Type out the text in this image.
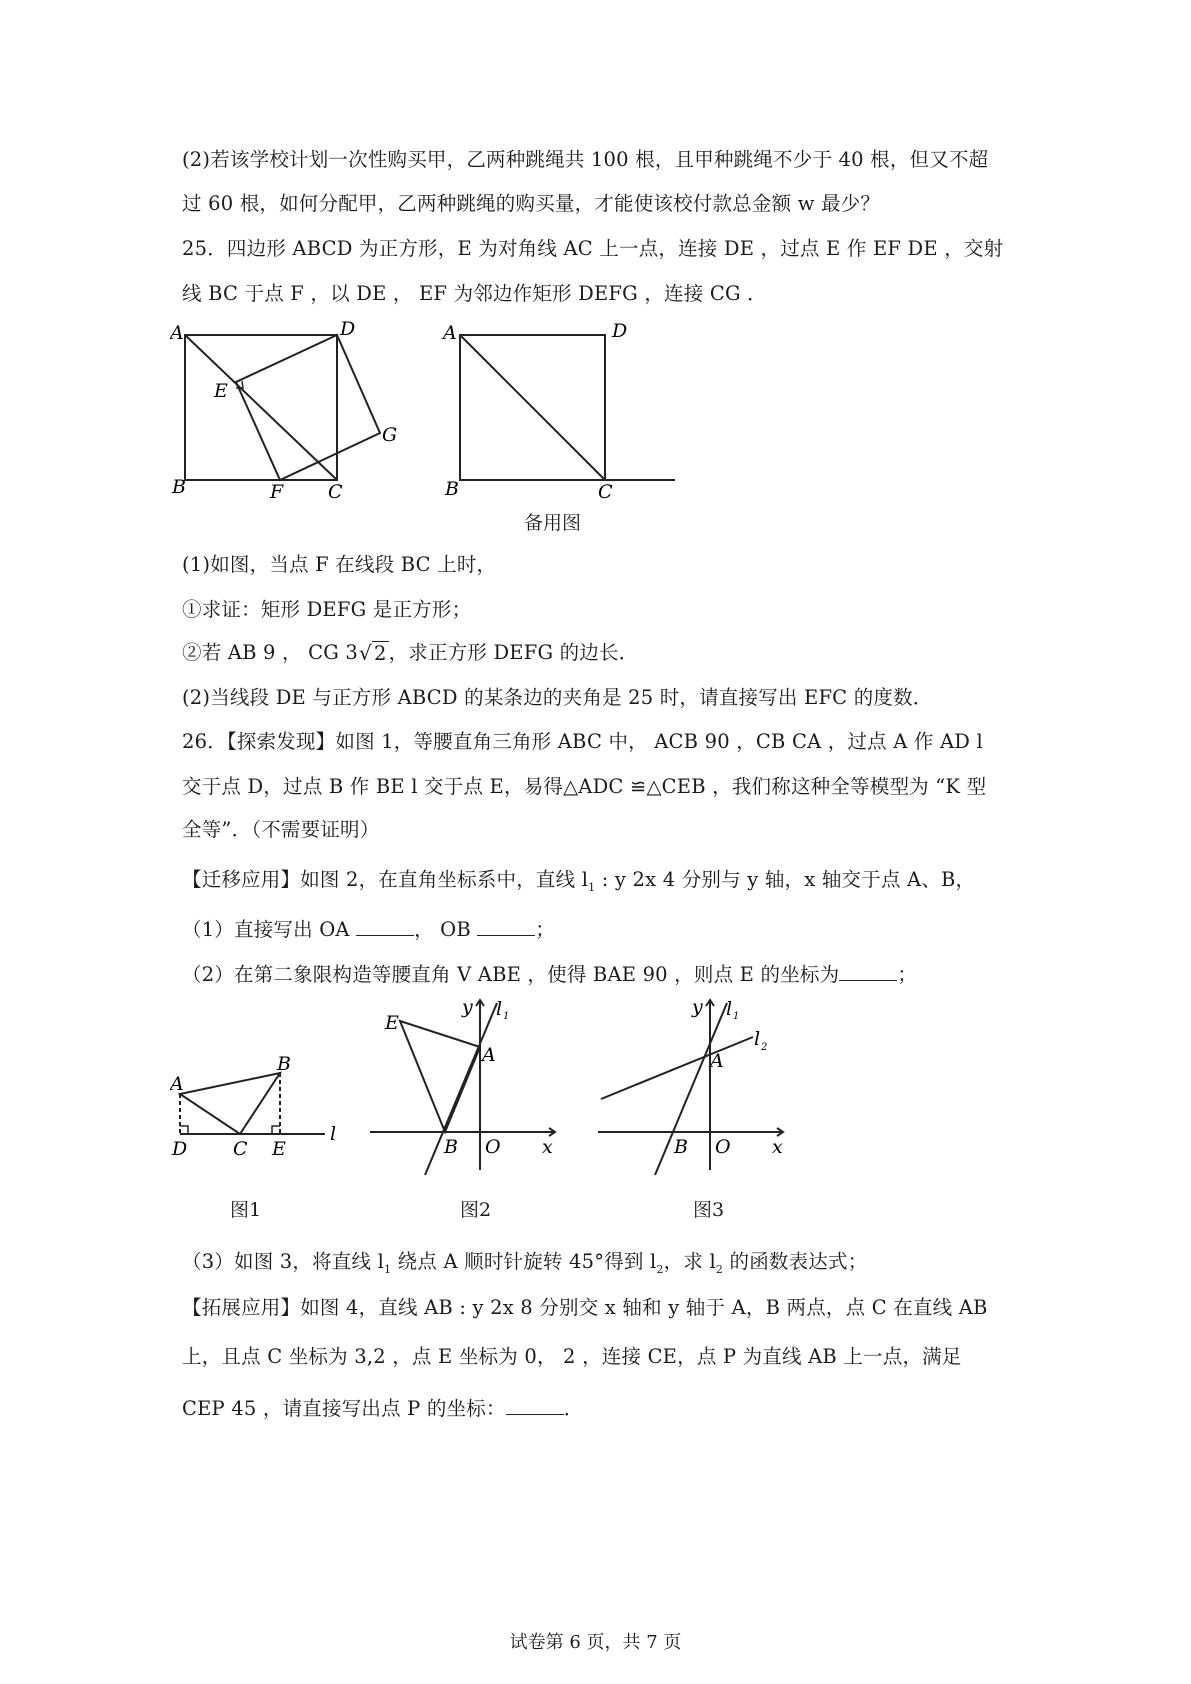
(2)若该学校计划一次性购买甲，乙两种跳绳共 100 根，且甲种跳绳不少于 40 根，但又不超
过 60 根，如何分配甲，乙两种跳绳的购买量，才能使该校付款总金额 w 最少？
25．四边形 ABCD 为正方形，E 为对角线 AC 上一点，连接 DE ，过点 E 作 EF DE ，交射
线 BC 于点 F ，以 DE ， EF 为邻边作矩形 DEFG ，连接 CG ．
A	D
E
G
B	F C
A	D
B	C
备用图
(1)如图，当点 F 在线段 BC 上时，
①求证：矩形 DEFG 是正方形；
②若 AB 9 ， CG 3√ 2 ，求正方形 DEFG 的边长．
(2)当线段 DE 与正方形 ABCD 的某条边的夹角是 25 时，请直接写出 EFC 的度数．
26．【探索发现】如图 1，等腰直角三角形 ABC 中， ACB 90 ，CB CA ，过点 A 作 AD l
交于点 D，过点 B 作 BE l 交于点 E，易得△ADC ≌△CEB ，我们称这种全等模型为 “K 型
全等”．（不需要证明）
【迁移应用】如图 2，在直角坐标系中，直线 $l_1$ : y 2x 4 分别与 y 轴，x 轴交于点 A、B，
（1）直接写出 OA	， OB	；
（2）在第二象限构造等腰直角 V ABE ，使得 BAE 90 ，则点 E 的坐标为	；
A
B
D C E
l
图1
E
A
B O x
y l 1
图2
A
B O x
y l 1
l 2
图3
（3）如图 3，将直线 $l_1$ 绕点 A 顺时针旋转 45°得到 $l_2$，求 $l_2$ 的函数表达式；
【拓展应用】如图 4，直线 AB : y 2x 8 分别交 x 轴和 y 轴于 A，B 两点，点 C 在直线 AB
上，且点 C 坐标为 3,2 ，点 E 坐标为 0， 2 ，连接 CE，点 P 为直线 AB 上一点，满足
CEP 45 ，请直接写出点 P 的坐标：	．
试卷第 6 页，共 7 页
